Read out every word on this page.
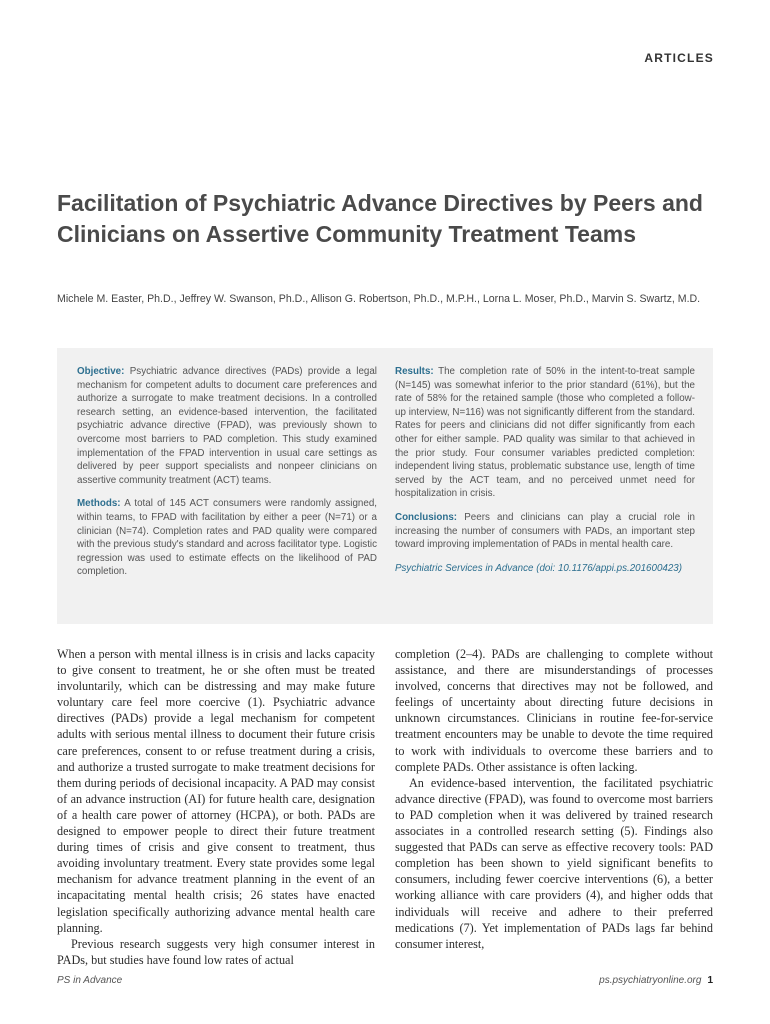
ARTICLES
Facilitation of Psychiatric Advance Directives by Peers and Clinicians on Assertive Community Treatment Teams
Michele M. Easter, Ph.D., Jeffrey W. Swanson, Ph.D., Allison G. Robertson, Ph.D., M.P.H., Lorna L. Moser, Ph.D., Marvin S. Swartz, M.D.

Objective: Psychiatric advance directives (PADs) provide a legal mechanism for competent adults to document care preferences and authorize a surrogate to make treatment decisions. In a controlled research setting, an evidence-based intervention, the facilitated psychiatric advance directive (FPAD), was previously shown to overcome most barriers to PAD completion. This study examined implementation of the FPAD intervention in usual care settings as delivered by peer support specialists and nonpeer clinicians on assertive community treatment (ACT) teams.

Methods: A total of 145 ACT consumers were randomly assigned, within teams, to FPAD with facilitation by either a peer (N=71) or a clinician (N=74). Completion rates and PAD quality were compared with the previous study's standard and across facilitator type. Logistic regression was used to estimate effects on the likelihood of PAD completion.

Results: The completion rate of 50% in the intent-to-treat sample (N=145) was somewhat inferior to the prior standard (61%), but the rate of 58% for the retained sample (those who completed a follow-up interview, N=116) was not significantly different from the standard. Rates for peers and clinicians did not differ significantly from each other for either sample. PAD quality was similar to that achieved in the prior study. Four consumer variables predicted completion: independent living status, problematic substance use, length of time served by the ACT team, and no perceived unmet need for hospitalization in crisis.

Conclusions: Peers and clinicians can play a crucial role in increasing the number of consumers with PADs, an important step toward improving implementation of PADs in mental health care.

Psychiatric Services in Advance (doi: 10.1176/appi.ps.201600423)

When a person with mental illness is in crisis and lacks capacity to give consent to treatment, he or she often must be treated involuntarily, which can be distressing and may make future voluntary care feel more coercive (1). Psychiatric advance directives (PADs) provide a legal mechanism for competent adults with serious mental illness to document their future crisis care preferences, consent to or refuse treatment during a crisis, and authorize a trusted surrogate to make treatment decisions for them during periods of decisional incapacity. A PAD may consist of an advance instruction (AI) for future health care, designation of a health care power of attorney (HCPA), or both. PADs are designed to empower people to direct their future treatment during times of crisis and give consent to treatment, thus avoiding involuntary treatment. Every state provides some legal mechanism for advance treatment planning in the event of an incapacitating mental health crisis; 26 states have enacted legislation specifically authorizing advance mental health care planning.

Previous research suggests very high consumer interest in PADs, but studies have found low rates of actual

completion (2–4). PADs are challenging to complete without assistance, and there are misunderstandings of processes involved, concerns that directives may not be followed, and feelings of uncertainty about directing future decisions in unknown circumstances. Clinicians in routine fee-for-service treatment encounters may be unable to devote the time required to work with individuals to overcome these barriers and to complete PADs. Other assistance is often lacking.

An evidence-based intervention, the facilitated psychiatric advance directive (FPAD), was found to overcome most barriers to PAD completion when it was delivered by trained research associates in a controlled research setting (5). Findings also suggested that PADs can serve as effective recovery tools: PAD completion has been shown to yield significant benefits to consumers, including fewer coercive interventions (6), a better working alliance with care providers (4), and higher odds that individuals will receive and adhere to their preferred medications (7). Yet implementation of PADs lags far behind consumer interest,

PS in Advance	ps.psychiatryonline.org 1
